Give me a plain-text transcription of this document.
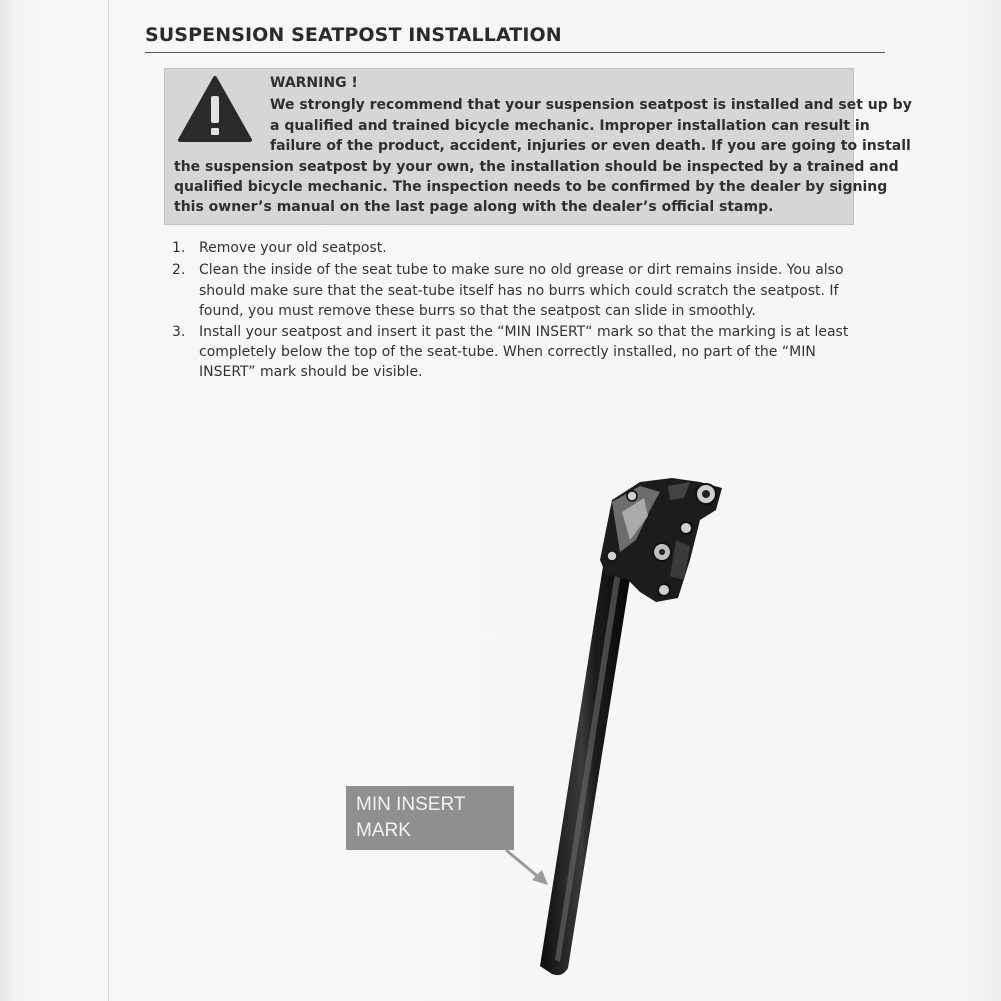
SUSPENSION SEATPOST INSTALLATION
WARNING !
We strongly recommend that your suspension seatpost is installed and set up by
a qualified and trained bicycle mechanic. Improper installation can result in
failure of the product, accident, injuries or even death. If you are going to install
the suspension seatpost by your own, the installation should be inspected by a trained and
qualified bicycle mechanic. The inspection needs to be confirmed by the dealer by signing
this owner’s manual on the last page along with the dealer’s official stamp.
1. Remove your old seatpost.
2. Clean the inside of the seat tube to make sure no old grease or dirt remains inside. You also
should make sure that the seat-tube itself has no burrs which could scratch the seatpost. If
found, you must remove these burrs so that the seatpost can slide in smoothly.
3. Install your seatpost and insert it past the “MIN INSERT“ mark so that the marking is at least
completely below the top of the seat-tube. When correctly installed, no part of the “MIN
INSERT” mark should be visible.
MIN INSERT
MARK
